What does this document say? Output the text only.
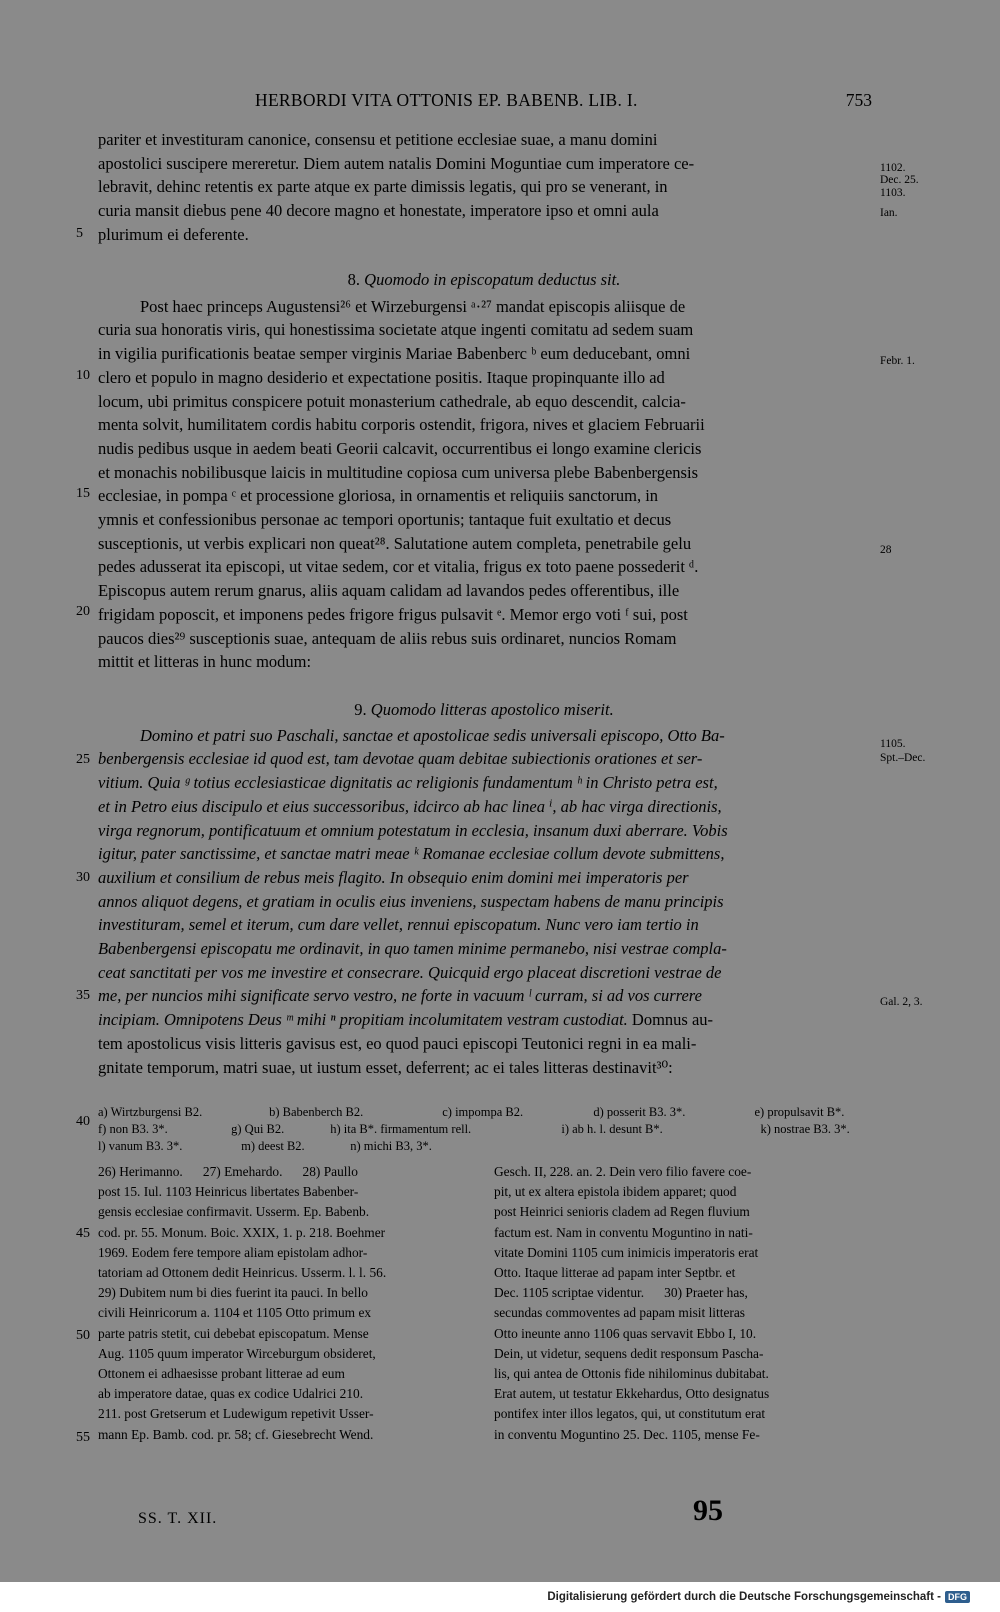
HERBORDI VITA OTTONIS EP. BABENB. LIB. I.	753

pariter et investituram canonice, consensu et petitione ecclesiae suae, a manu domini

apostolici suscipere mereretur. Diem autem natalis Domini Moguntiae cum imperatore ce-

lebravit, dehinc retentis ex parte atque ex parte dimissis legatis, qui pro se venerant, in

curia mansit diebus pene 40 decore magno et honestate, imperatore ipso et omni aula

plurimum ei deferente.

8. Quomodo in episcopatum deductus sit.

Post haec princeps Augustensi²⁶ et Wirzeburgensi ᵃ·²⁷ mandat episcopis aliisque de

curia sua honoratis viris, qui honestissima societate atque ingenti comitatu ad sedem suam

in vigilia purificationis beatae semper virginis Mariae Babenberc ᵇ eum deducebant, omni

clero et populo in magno desiderio et expectatione positis. Itaque propinquante illo ad

locum, ubi primitus conspicere potuit monasterium cathedrale, ab equo descendit, calcia-

menta solvit, humilitatem cordis habitu corporis ostendit, frigora, nives et glaciem Februarii

nudis pedibus usque in aedem beati Georii calcavit, occurrentibus ei longo examine clericis

et monachis nobilibusque laicis in multitudine copiosa cum universa plebe Babenbergensis

ecclesiae, in pompa ᶜ et processione gloriosa, in ornamentis et reliquiis sanctorum, in

ymnis et confessionibus personae ac tempori oportunis; tantaque fuit exultatio et decus

susceptionis, ut verbis explicari non queat²⁸. Salutatione autem completa, penetrabile gelu

pedes adusserat ita episcopi, ut vitae sedem, cor et vitalia, frigus ex toto paene possederit ᵈ.

Episcopus autem rerum gnarus, aliis aquam calidam ad lavandos pedes offerentibus, ille

frigidam poposcit, et imponens pedes frigore frigus pulsavit ᵉ. Memor ergo voti ᶠ sui, post

paucos dies²⁹ susceptionis suae, antequam de aliis rebus suis ordinaret, nuncios Romam

mittit et litteras in hunc modum:

9. Quomodo litteras apostolico miserit.

Domino et patri suo Paschali, sanctae et apostolicae sedis universali episcopo, Otto Ba-

benbergensis ecclesiae id quod est, tam devotae quam debitae subiectionis orationes et ser-

vitium. Quia ᵍ totius ecclesiasticae dignitatis ac religionis fundamentum ʰ in Christo petra est,

et in Petro eius discipulo et eius successoribus, idcirco ab hac linea ⁱ, ab hac virga directionis,

virga regnorum, pontificatuum et omnium potestatum in ecclesia, insanum duxi aberrare. Vobis

igitur, pater sanctissime, et sanctae matri meae ᵏ Romanae ecclesiae collum devote submittens,

auxilium et consilium de rebus meis flagito. In obsequio enim domini mei imperatoris per

annos aliquot degens, et gratiam in oculis eius inveniens, suspectam habens de manu principis

investituram, semel et iterum, cum dare vellet, rennui episcopatum. Nunc vero iam tertio in

Babenbergensi episcopatu me ordinavit, in quo tamen minime permanebo, nisi vestrae compla-

ceat sanctitati per vos me investire et consecrare. Quicquid ergo placeat discretioni vestrae de

me, per nuncios mihi significate servo vestro, ne forte in vacuum ˡ curram, si ad vos currere

incipiam. Omnipotens Deus ᵐ mihi ⁿ propitiam incolumitatem vestram custodiat. Domnus au-

tem apostolicus visis litteris gavisus est, eo quod pauci episcopi Teutonici regni in ea mali-

gnitate temporum, matri suae, ut iustum esset, deferrent; ac ei tales litteras destinavit³⁰:

5
10
15
20
25
30
35
40
45
50
55
1102.
Dec. 25.
1103.
Ian.
Febr. 1.
28
1105.
Spt.–Dec.
Gal. 2, 3.
a) Wirtzburgensi B2.	b) Babenberch B2.	c) impompa B2.	d) posserit B3. 3*.	e) propulsavit B*.
f) non B3. 3*.	g) Qui B2.	h) ita B*. firmamentum rell.	i) ab h. l. desunt B*.	k) nostrae B3. 3*.
l) vanum B3. 3*.	m) deest B2.	n) michi B3, 3*.

26) Herimanno.      27) Emehardo.      28) Paullo

post 15. Iul. 1103 Heinricus libertates Babenber-

gensis ecclesiae confirmavit. Usserm. Ep. Babenb.

cod. pr. 55. Monum. Boic. XXIX, 1. p. 218. Boehmer

1969. Eodem fere tempore aliam epistolam adhor-

tatoriam ad Ottonem dedit Heinricus. Usserm. l. l. 56.

29) Dubitem num bi dies fuerint ita pauci. In bello

civili Heinricorum a. 1104 et 1105 Otto primum ex

parte patris stetit, cui debebat episcopatum. Mense

Aug. 1105 quum imperator Wirceburgum obsideret,

Ottonem ei adhaesisse probant litterae ad eum

ab imperatore datae, quas ex codice Udalrici 210.

211. post Gretserum et Ludewigum repetivit Usser-

mann Ep. Bamb. cod. pr. 58; cf. Giesebrecht Wend.

Gesch. II, 228. an. 2. Dein vero filio favere coe-

pit, ut ex altera epistola ibidem apparet; quod

post Heinrici senioris cladem ad Regen fluvium

factum est. Nam in conventu Moguntino in nati-

vitate Domini 1105 cum inimicis imperatoris erat

Otto. Itaque litterae ad papam inter Septbr. et

Dec. 1105 scriptae videntur.      30) Praeter has,

secundas commoventes ad papam misit litteras

Otto ineunte anno 1106 quas servavit Ebbo I, 10.

Dein, ut videtur, sequens dedit responsum Pascha-

lis, qui antea de Ottonis fide nihilominus dubitabat.

Erat autem, ut testatur Ekkehardus, Otto designatus

pontifex inter illos legatos, qui, ut constitutum erat

in conventu Moguntino 25. Dec. 1105, mense Fe-

SS. T. XII.	95
Digitalisierung gefördert durch die Deutsche Forschungsgemeinschaft - DFG
